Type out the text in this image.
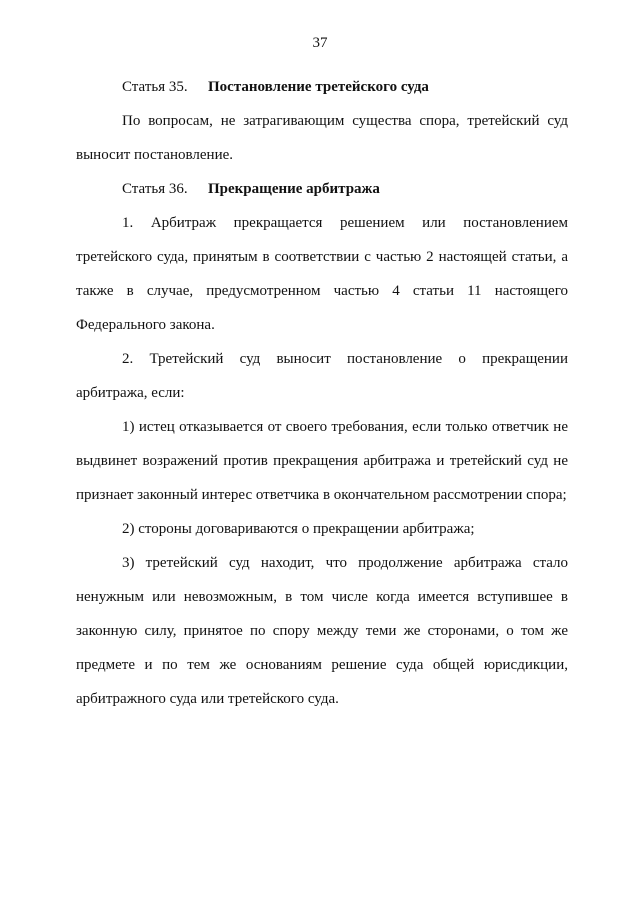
37
Статья 35. Постановление третейского суда

По вопросам, не затрагивающим существа спора, третейский суд выносит постановление.

Статья 36. Прекращение арбитража

1. Арбитраж прекращается решением или постановлением третейского суда, принятым в соответствии с частью 2 настоящей статьи, а также в случае, предусмотренном частью 4 статьи 11 настоящего Федерального закона.

2. Третейский суд выносит постановление о прекращении арбитража, если:

1) истец отказывается от своего требования, если только ответчик не выдвинет возражений против прекращения арбитража и третейский суд не признает законный интерес ответчика в окончательном рассмотрении спора;

2) стороны договариваются о прекращении арбитража;

3) третейский суд находит, что продолжение арбитража стало ненужным или невозможным, в том числе когда имеется вступившее в законную силу, принятое по спору между теми же сторонами, о том же предмете и по тем же основаниям решение суда общей юрисдикции, арбитражного суда или третейского суда.
